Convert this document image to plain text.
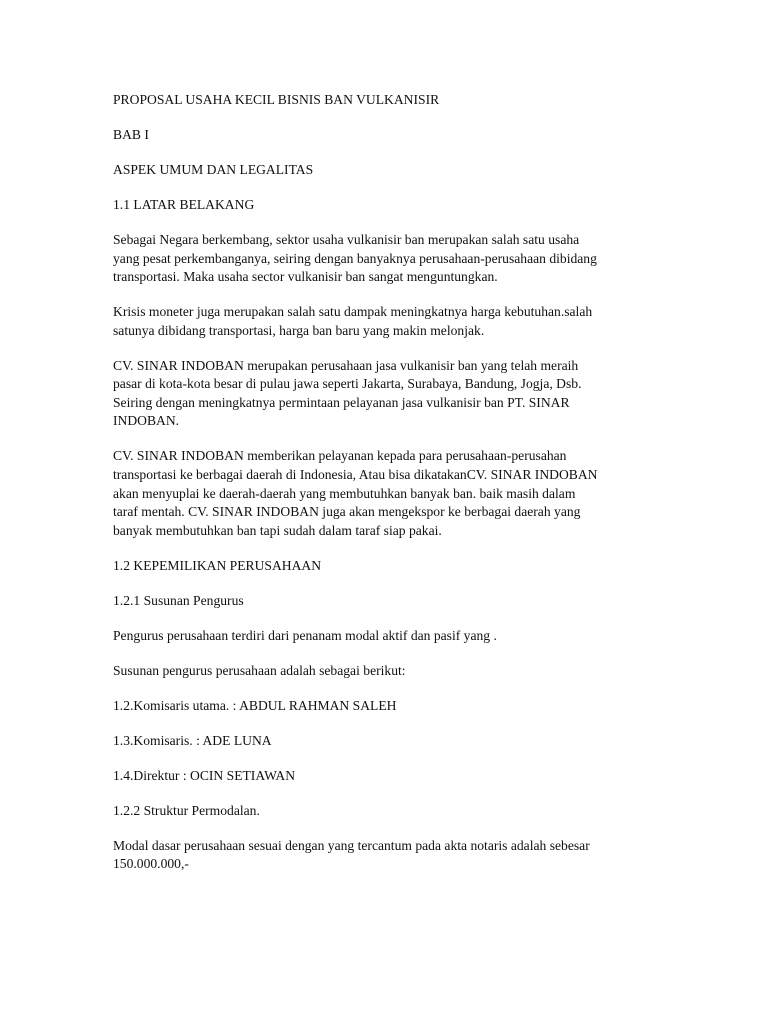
PROPOSAL USAHA KECIL BISNIS BAN VULKANISIR
BAB I
ASPEK UMUM DAN LEGALITAS
1.1 LATAR BELAKANG
Sebagai Negara berkembang, sektor usaha vulkanisir ban merupakan salah satu usaha
yang pesat perkembanganya, seiring dengan banyaknya perusahaan-perusahaan dibidang
transportasi. Maka usaha sector vulkanisir ban sangat menguntungkan.
Krisis moneter juga merupakan salah satu dampak meningkatnya harga kebutuhan.salah
satunya dibidang transportasi, harga ban baru yang makin melonjak.
CV. SINAR INDOBAN merupakan perusahaan jasa vulkanisir ban yang telah meraih
pasar di kota-kota besar di pulau jawa seperti Jakarta, Surabaya, Bandung, Jogja, Dsb.
Seiring dengan meningkatnya permintaan pelayanan jasa vulkanisir ban PT. SINAR
INDOBAN.
CV. SINAR INDOBAN memberikan pelayanan kepada para perusahaan-perusahan
transportasi ke berbagai daerah di Indonesia, Atau bisa dikatakanCV. SINAR INDOBAN
akan menyuplai ke daerah-daerah yang membutuhkan banyak ban. baik masih dalam
taraf mentah. CV. SINAR INDOBAN juga akan mengekspor ke berbagai daerah yang
banyak membutuhkan ban tapi sudah dalam taraf siap pakai.
1.2 KEPEMILIKAN PERUSAHAAN
1.2.1 Susunan Pengurus
Pengurus perusahaan terdiri dari penanam modal aktif dan pasif yang .
Susunan pengurus perusahaan adalah sebagai berikut:
1.2.Komisaris utama. : ABDUL RAHMAN SALEH
1.3.Komisaris. : ADE LUNA
1.4.Direktur : OCIN SETIAWAN
1.2.2 Struktur Permodalan.
Modal dasar perusahaan sesuai dengan yang tercantum pada akta notaris adalah sebesar
150.000.000,-
